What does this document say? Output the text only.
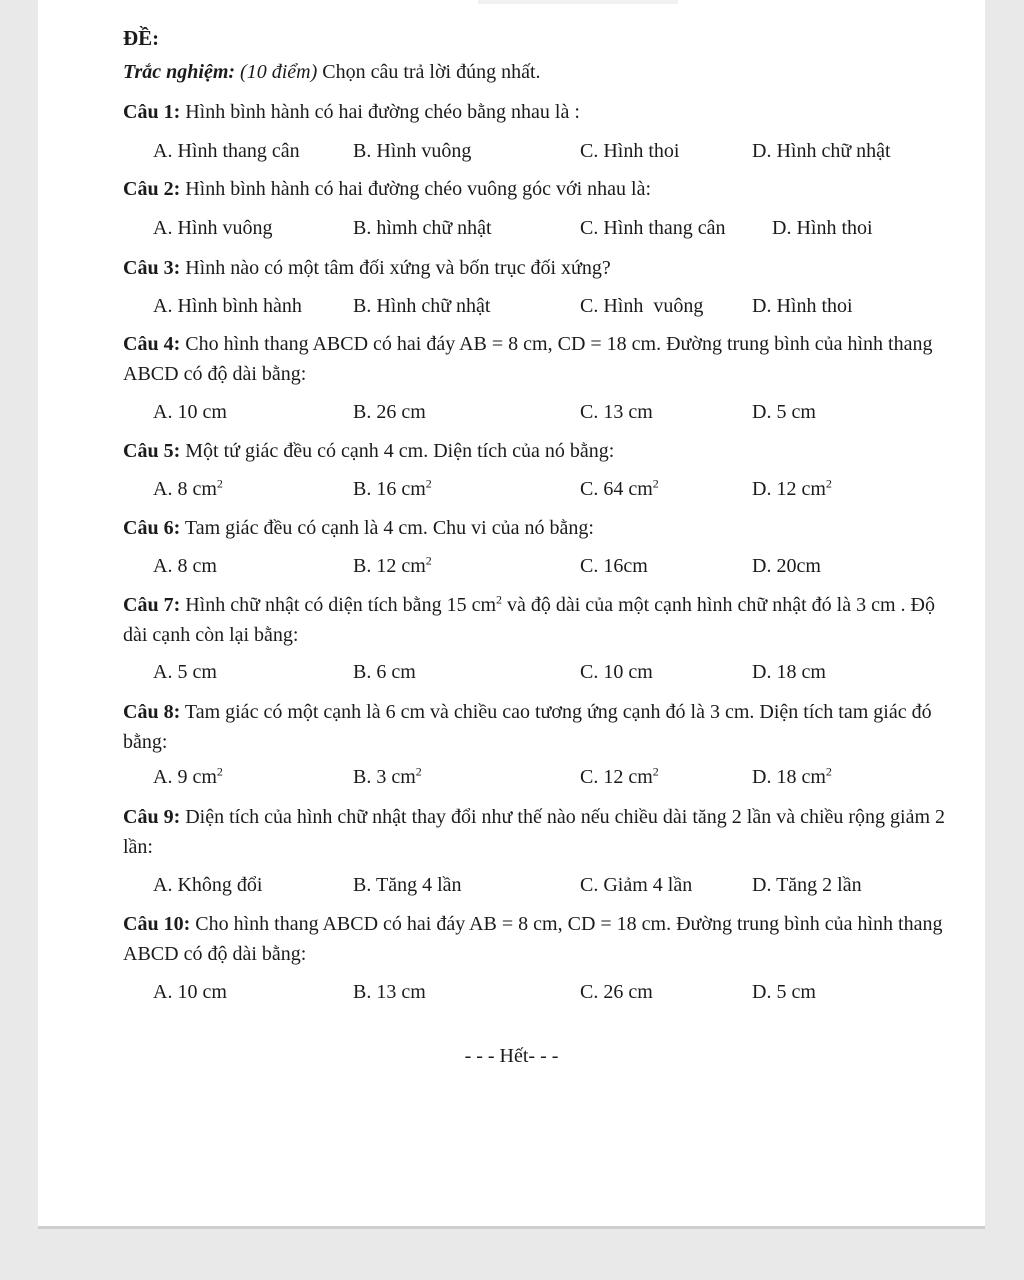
ĐỀ:
Trắc nghiệm: (10 điểm) Chọn câu trả lời đúng nhất.
Câu 1: Hình bình hành có hai đường chéo bằng nhau là :
A. Hình thang cân	B. Hình vuông	C. Hình thoi	D. Hình chữ nhật
Câu 2: Hình bình hành có hai đường chéo vuông góc với nhau là:
A. Hình vuông	B. hìmh chữ nhật	C. Hình thang cân D. Hình thoi
Câu 3: Hình nào có một tâm đối xứng và bốn trục đối xứng?
A. Hình bình hành	B. Hình chữ nhật	C. Hình  vuông D. Hình thoi
Câu 4: Cho hình thang ABCD có hai đáy AB = 8 cm, CD = 18 cm. Đường trung bình của hình thang ABCD có độ dài bằng:
A. 10 cm	B. 26 cm	C. 13 cm	D. 5 cm
Câu 5: Một tứ giác đều có cạnh 4 cm. Diện tích của nó bằng:
A. 8 $cm^2$	B. 16 $cm^2$	C. 64 $cm^2$	D. 12 $cm^2$
Câu 6: Tam giác đều có cạnh là 4 cm. Chu vi của nó bằng:
A. 8 cm	B. 12 $cm^2$	C. 16cm	D. 20cm
Câu 7: Hình chữ nhật có diện tích bằng 15 $cm^2$ và độ dài của một cạnh hình chữ nhật đó là 3 cm . Độ dài cạnh còn lại bằng:
A. 5 cm	B. 6 cm	C. 10 cm	D. 18 cm
Câu 8: Tam giác có một cạnh là 6 cm và chiều cao tương ứng cạnh đó là 3 cm. Diện tích tam giác đó bằng:
A. 9 $cm^2$	B. 3 $cm^2$	C. 12 $cm^2$	D. 18 $cm^2$
Câu 9: Diện tích của hình chữ nhật thay đổi như thế nào nếu chiều dài tăng 2 lần và chiều rộng giảm 2 lần:
A. Không đổi	B. Tăng 4 lần	C. Giảm 4 lần	D. Tăng 2 lần
Câu 10: Cho hình thang ABCD có hai đáy AB = 8 cm, CD = 18 cm. Đường trung bình của hình thang ABCD có độ dài bằng:
A. 10 cm	B. 13 cm	C. 26 cm	D. 5 cm
- - - Hết- - -
